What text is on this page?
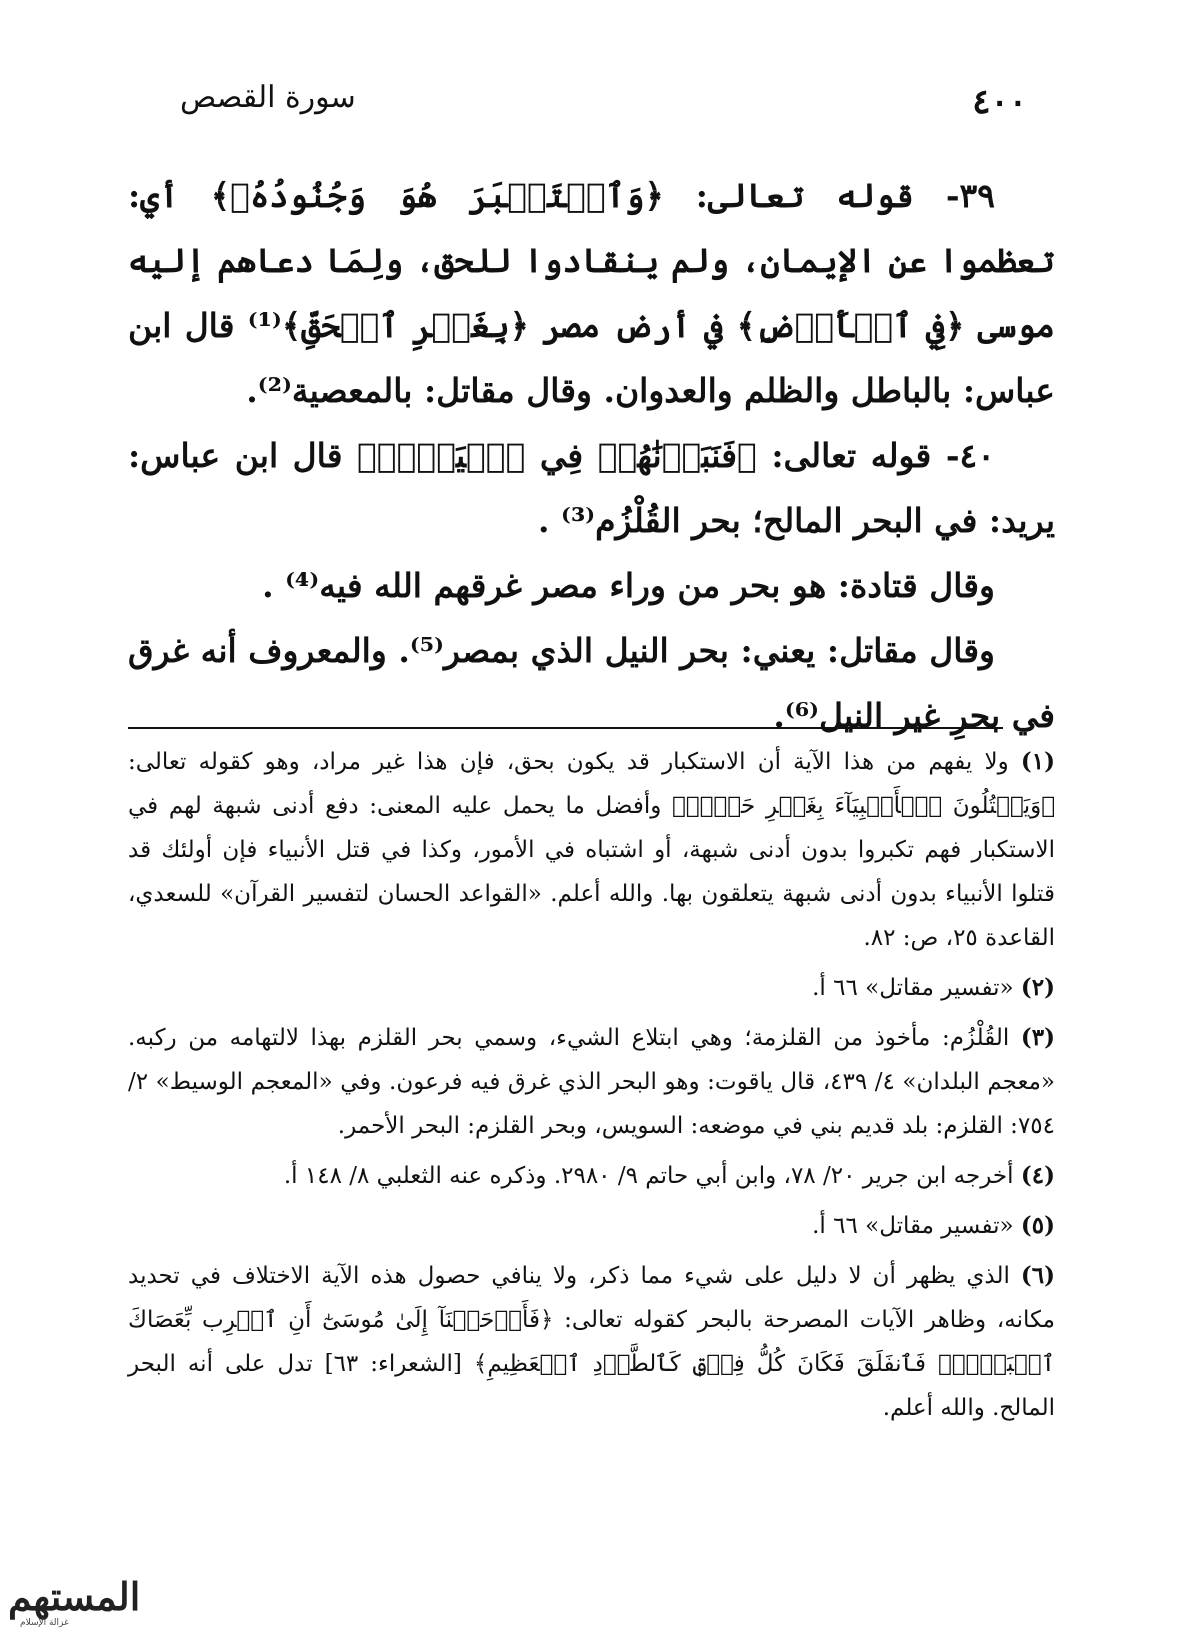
٤٠٠
سورة القصص

٣٩- قوله تعالى: ﴿وَٱسۡتَكۡبَرَ هُوَ وَجُنُودُهُۥ﴾ أي: تعظموا عن الإيمان، ولم ينقادوا للحق، ولِمَا دعاهم إليه موسى ﴿فِي ٱلۡأَرۡضِ﴾ في أرض مصر ﴿بِغَيۡرِ ٱلۡحَقِّ﴾⁽¹⁾ قال ابن عباس: بالباطل والظلم والعدوان. وقال مقاتل: بالمعصية⁽²⁾.

٤٠- قوله تعالى: ﴿فَنَبَذۡنَٰهُمۡ فِي ٱلۡيَمِّۖ﴾ قال ابن عباس: يريد: في البحر المالح؛ بحر القُلْزُم⁽³⁾ .

وقال قتادة: هو بحر من وراء مصر غرقهم الله فيه⁽⁴⁾ .

وقال مقاتل: يعني: بحر النيل الذي بمصر⁽⁵⁾. والمعروف أنه غرق في بحرِ غير النيل⁽⁶⁾.

(١) ولا يفهم من هذا الآية أن الاستكبار قد يكون بحق، فإن هذا غير مراد، وهو كقوله تعالى: ﴿وَيَقۡتُلُونَ ٱلۡأَنۢبِيَآءَ بِغَيۡرِ حَقّٖۚ﴾ وأفضل ما يحمل عليه المعنى: دفع أدنى شبهة لهم في الاستكبار فهم تكبروا بدون أدنى شبهة، أو اشتباه في الأمور، وكذا في قتل الأنبياء فإن أولئك قد قتلوا الأنبياء بدون أدنى شبهة يتعلقون بها. والله أعلم. «القواعد الحسان لتفسير القرآن» للسعدي، القاعدة ٢٥، ص: ٨٢.

(٢) «تفسير مقاتل» ٦٦ أ.

(٣) القُلْزُم: مأخوذ من القلزمة؛ وهي ابتلاع الشيء، وسمي بحر القلزم بهذا لالتهامه من ركبه. «معجم البلدان» ٤/ ٤٣٩، قال ياقوت: وهو البحر الذي غرق فيه فرعون. وفي «المعجم الوسيط» ٢/ ٧٥٤: القلزم: بلد قديم بني في موضعه: السويس، وبحر القلزم: البحر الأحمر.

(٤) أخرجه ابن جرير ٢٠/ ٧٨، وابن أبي حاتم ٩/ ٢٩٨٠. وذكره عنه الثعلبي ٨/ ١٤٨ أ.

(٥) «تفسير مقاتل» ٦٦ أ.

(٦) الذي يظهر أن لا دليل على شيء مما ذكر، ولا ينافي حصول هذه الآية الاختلاف في تحديد مكانه، وظاهر الآيات المصرحة بالبحر كقوله تعالى: ﴿فَأَوۡحَيۡنَآ إِلَىٰ مُوسَىٰٓ أَنِ ٱضۡرِب بِّعَصَاكَ ٱلۡبَحۡرَۖ فَٱنفَلَقَ فَكَانَ كُلُّ فِرۡقٖ كَٱلطَّوۡدِ ٱلۡعَظِيمِ﴾ [الشعراء: ٦٣] تدل على أنه البحر المالح. والله أعلم.

المستهم
غزالة الإسلام
